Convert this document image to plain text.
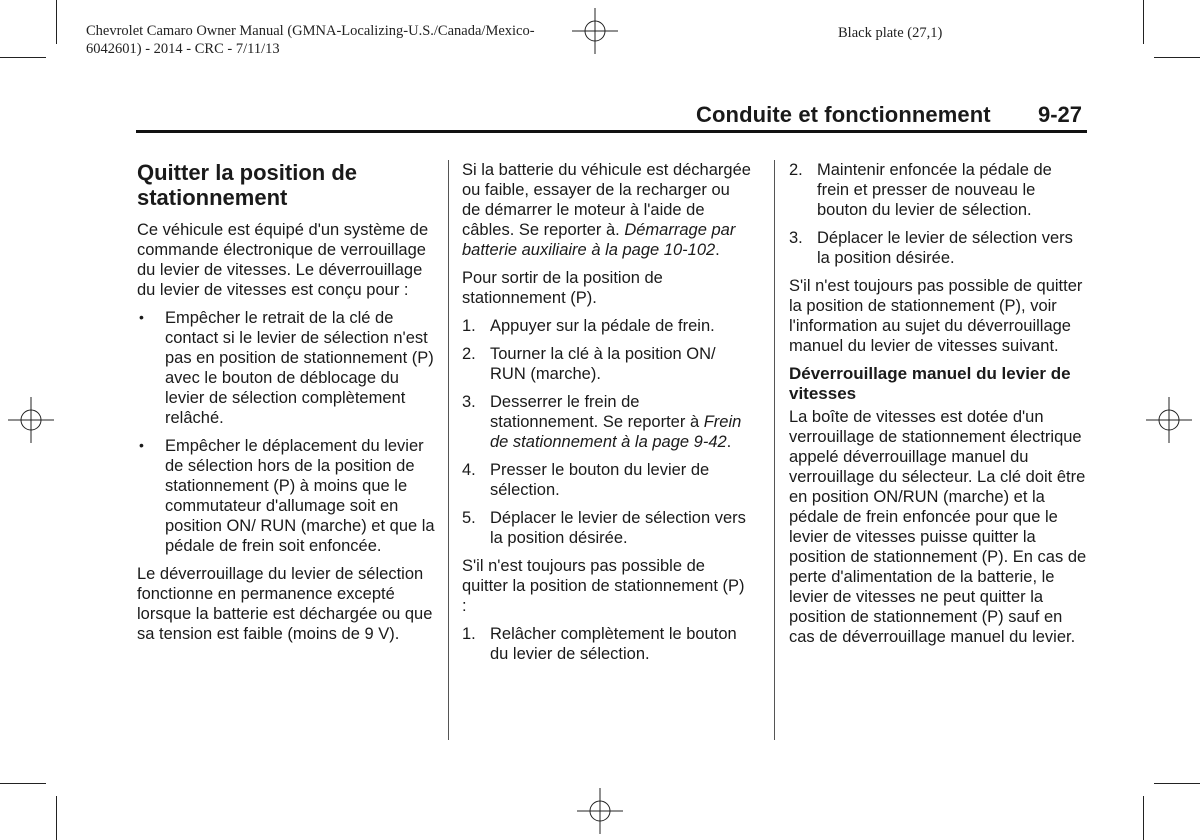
Chevrolet Camaro Owner Manual (GMNA-Localizing-U.S./Canada/Mexico-
6042601) - 2014 - CRC - 7/11/13
Black plate (27,1)
Conduite et fonctionnement 9-27
Quitter la position de stationnement

Ce véhicule est équipé d'un système de commande électronique de verrouillage du levier de vitesses. Le déverrouillage du levier de vitesses est conçu pour :

• Empêcher le retrait de la clé de contact si le levier de sélection n'est pas en position de stationnement (P) avec le bouton de déblocage du levier de sélection complètement relâché.
• Empêcher le déplacement du levier de sélection hors de la position de stationnement (P) à moins que le commutateur d'allumage soit en position ON/ RUN (marche) et que la pédale de frein soit enfoncée.

Le déverrouillage du levier de sélection fonctionne en permanence excepté lorsque la batterie est déchargée ou que sa tension est faible (moins de 9 V).

Si la batterie du véhicule est déchargée ou faible, essayer de la recharger ou de démarrer le moteur à l'aide de câbles. Se reporter à. Démarrage par batterie auxiliaire à la page 10-102.

Pour sortir de la position de stationnement (P).

1. Appuyer sur la pédale de frein.
2. Tourner la clé à la position ON/ RUN (marche).
3. Desserrer le frein de stationnement. Se reporter à Frein de stationnement à la page 9-42.
4. Presser le bouton du levier de sélection.
5. Déplacer le levier de sélection vers la position désirée.

S'il n'est toujours pas possible de quitter la position de stationnement (P) :

1. Relâcher complètement le bouton du levier de sélection.
2. Maintenir enfoncée la pédale de frein et presser de nouveau le bouton du levier de sélection.
3. Déplacer le levier de sélection vers la position désirée.

S'il n'est toujours pas possible de quitter la position de stationnement (P), voir l'information au sujet du déverrouillage manuel du levier de vitesses suivant.

Déverrouillage manuel du levier de vitesses

La boîte de vitesses est dotée d'un verrouillage de stationnement électrique appelé déverrouillage manuel du verrouillage du sélecteur. La clé doit être en position ON/RUN (marche) et la pédale de frein enfoncée pour que le levier de vitesses puisse quitter la position de stationnement (P). En cas de perte d'alimentation de la batterie, le levier de vitesses ne peut quitter la position de stationnement (P) sauf en cas de déverrouillage manuel du levier.
